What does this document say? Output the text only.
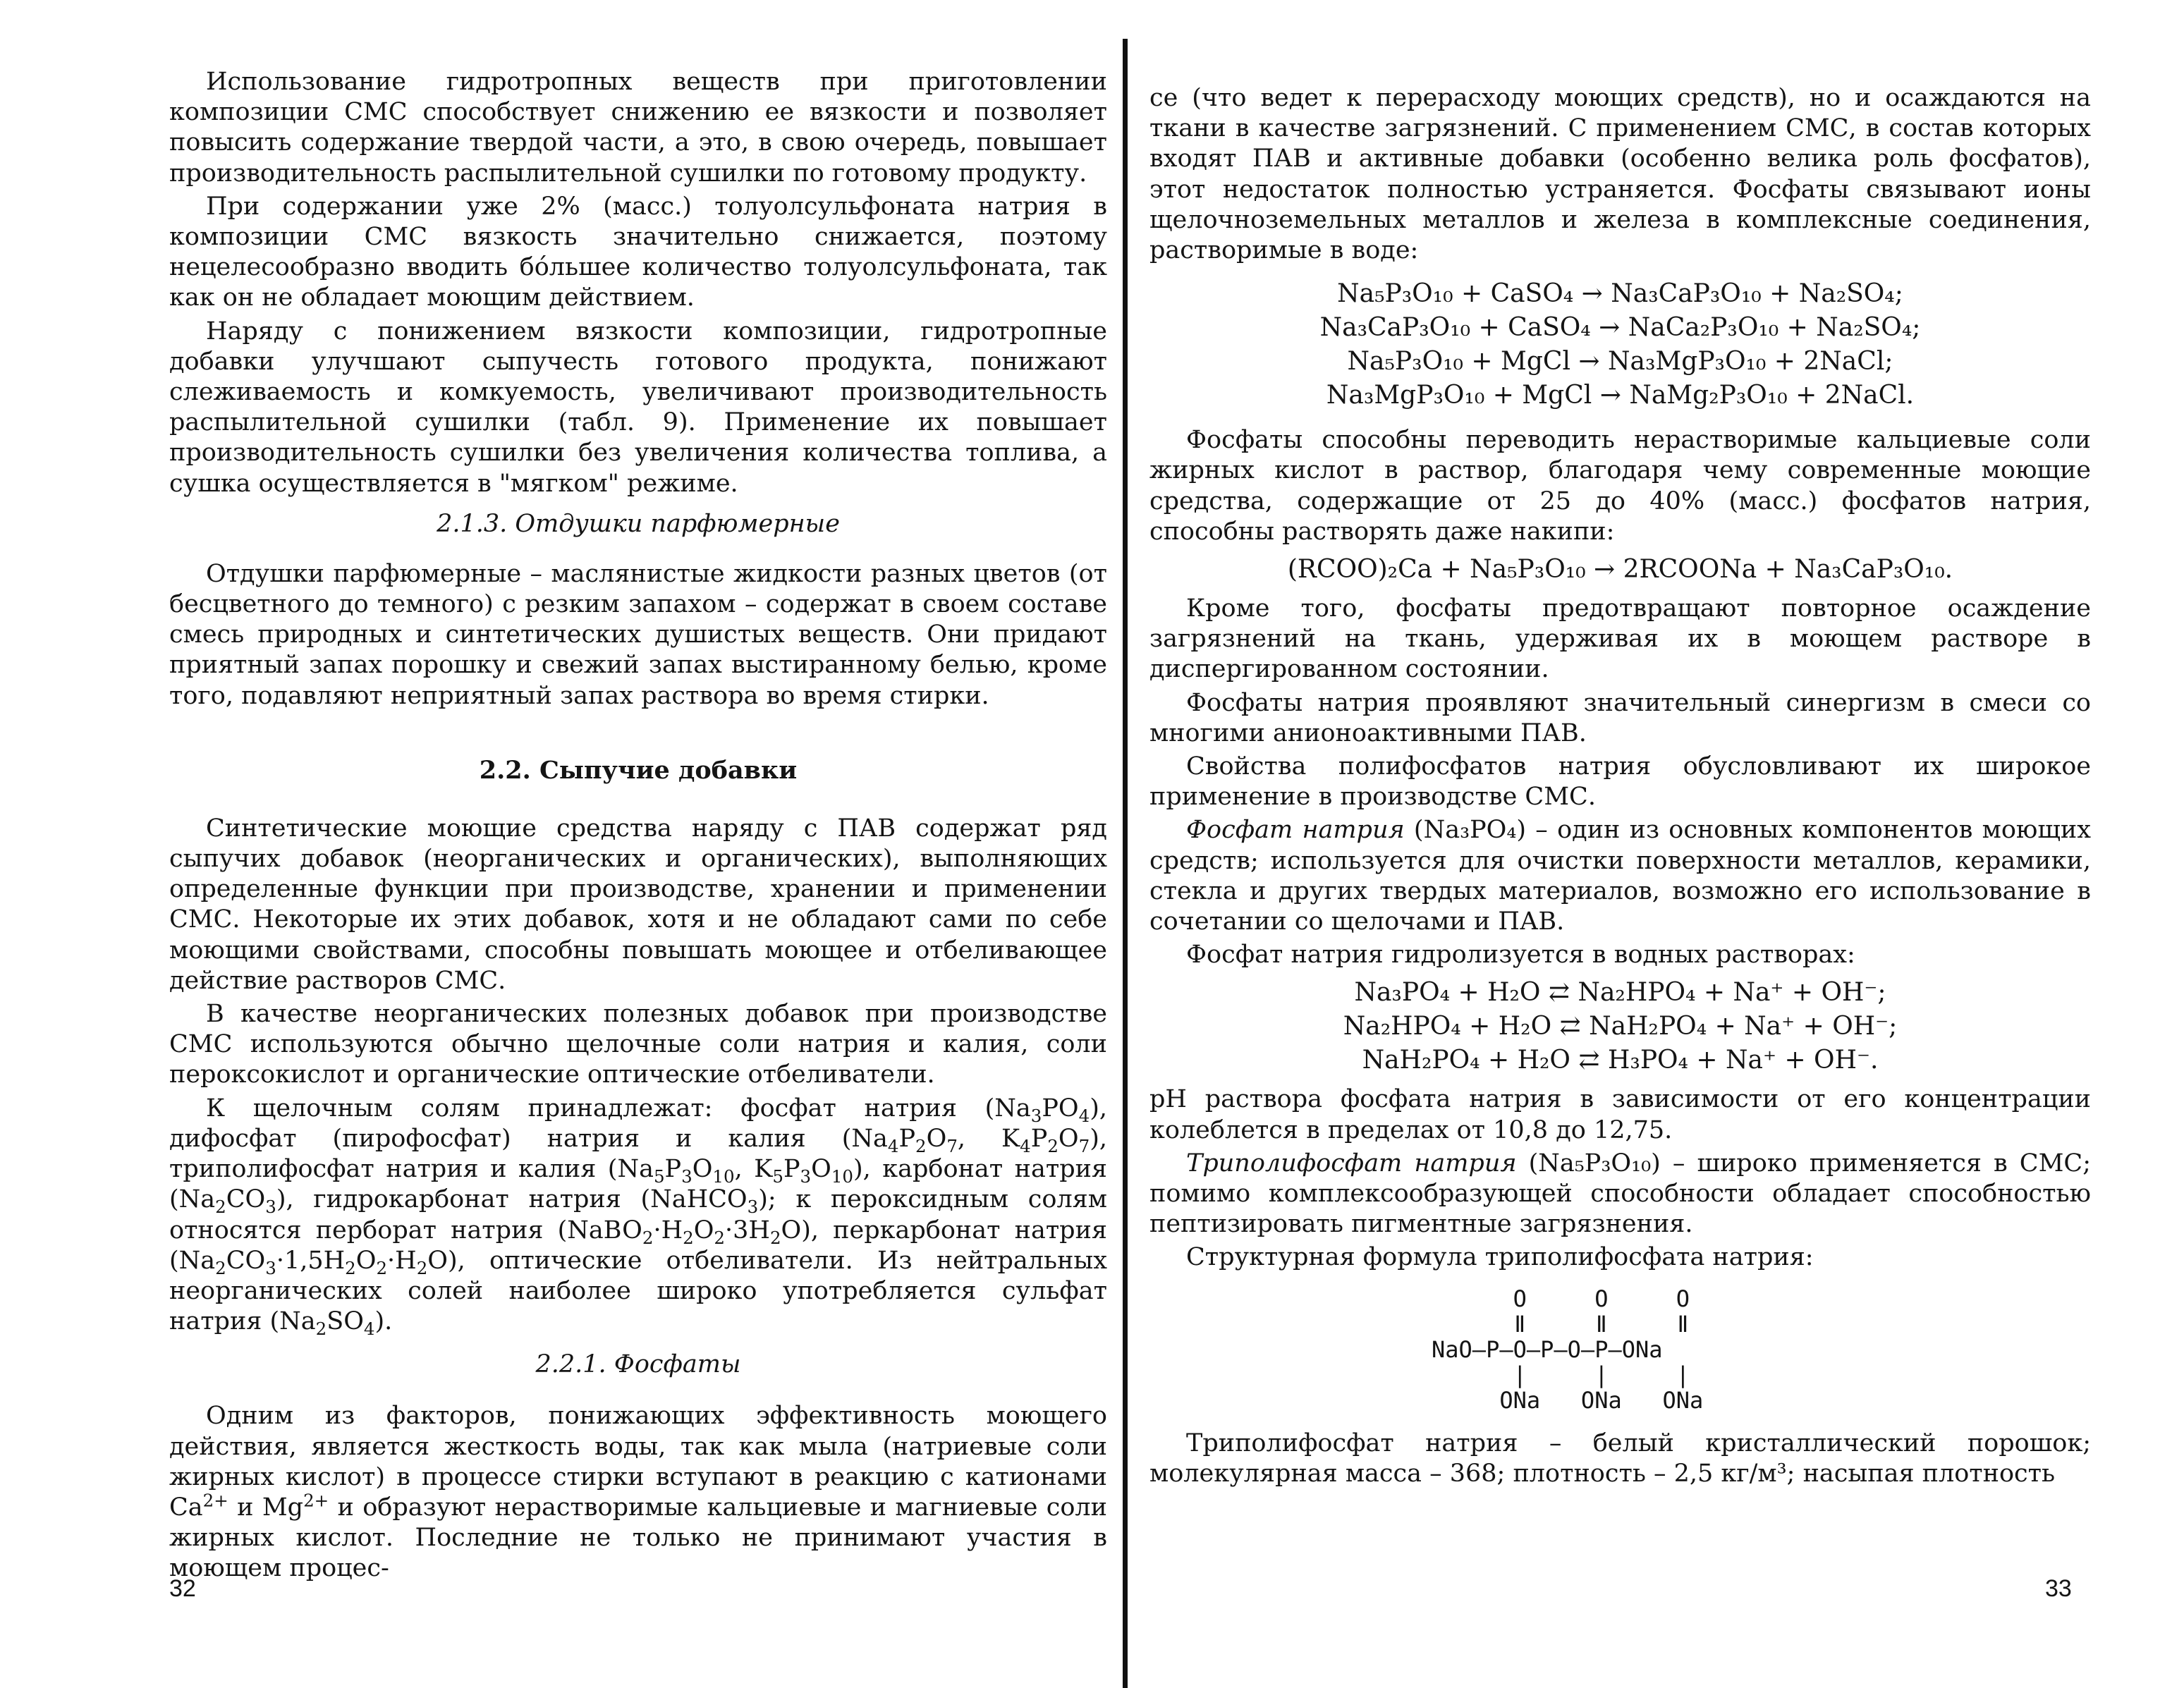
Использование гидротропных веществ при приготовлении композиции СМС способствует снижению ее вязкости и позволяет повысить содержание твердой части, а это, в свою очередь, повышает производительность распылительной сушилки по готовому продукту.

При содержании уже 2% (масс.) толуолсульфоната натрия в композиции СМС вязкость значительно снижается, поэтому нецелесообразно вводить бо́льшее количество толуолсульфоната, так как он не обладает моющим действием.

Наряду с понижением вязкости композиции, гидротропные добавки улучшают сыпучесть готового продукта, понижают слеживаемость и комкуемость, увеличивают производительность распылительной сушилки (табл. 9). Применение их повышает производительность сушилки без увеличения количества топлива, а сушка осуществляется в "мягком" режиме.

2.1.3. Отдушки парфюмерные

Отдушки парфюмерные – маслянистые жидкости разных цветов (от бесцветного до темного) с резким запахом – содержат в своем составе смесь природных и синтетических душистых веществ. Они придают приятный запах порошку и свежий запах выстиранному белью, кроме того, подавляют неприятный запах раствора во время стирки.

2.2. Сыпучие добавки

Синтетические моющие средства наряду с ПАВ содержат ряд сыпучих добавок (неорганических и органических), выполняющих определенные функции при производстве, хранении и применении СМС. Некоторые их этих добавок, хотя и не обладают сами по себе моющими свойствами, способны повышать моющее и отбеливающее действие растворов СМС.

В качестве неорганических полезных добавок при производстве СМС используются обычно щелочные соли натрия и калия, соли пероксокислот и органические оптические отбеливатели.

К щелочным солям принадлежат: фосфат натрия $(Na_3PO_4)$, дифосфат (пирофосфат) натрия и калия ($Na_4P_2O_7$, $K_4P_2O_7$), триполифосфат натрия и калия ($Na_5P_3O_{10}$, $K_5P_3O_{10}$), карбонат натрия $(Na_2CO_3)$, гидрокарбонат натрия (NaHCO$_3$); к пероксидным солям относятся перборат натрия $(NaBO_2\cdot H_2O_2\cdot 3H_2O)$, перкарбонат натрия $(Na_2CO_3\cdot 1,5H_2O_2\cdot H_2O)$, оптические отбеливатели. Из нейтральных неорганических солей наиболее широко употребляется сульфат натрия $(Na_2SO_4)$.

2.2.1. Фосфаты

Одним из факторов, понижающих эффективность моющего действия, является жесткость воды, так как мыла (натриевые соли жирных кислот) в процессе стирки вступают в реакцию с катионами $Ca^{2+}$ и $Mg^{2+}$ и образуют нерастворимые кальциевые и магниевые соли жирных кислот. Последние не только не принимают участия в моющем процес-

32

се (что ведет к перерасходу моющих средств), но и осаждаются на ткани в качестве загрязнений. С применением СМС, в состав которых входят ПАВ и активные добавки (особенно велика роль фосфатов), этот недостаток полностью устраняется. Фосфаты связывают ионы щелочноземельных металлов и железа в комплексные соединения, растворимые в воде:

Na₅P₃O₁₀ + CaSO₄ → Na₃CaP₃O₁₀ + Na₂SO₄;
Na₃CaP₃O₁₀ + CaSO₄ → NaCa₂P₃O₁₀ + Na₂SO₄;
Na₅P₃O₁₀ + MgCl → Na₃MgP₃O₁₀ + 2NaCl;
Na₃MgP₃O₁₀ + MgCl → NaMg₂P₃O₁₀ + 2NaCl.

Фосфаты способны переводить нерастворимые кальциевые соли жирных кислот в раствор, благодаря чему современные моющие средства, содержащие от 25 до 40% (масс.) фосфатов натрия, способны растворять даже накипи:

(RCOO)₂Ca + Na₅P₃O₁₀ → 2RCOONa + Na₃CaP₃O₁₀.

Кроме того, фосфаты предотвращают повторное осаждение загрязнений на ткань, удерживая их в моющем растворе в диспергированном состоянии.

Фосфаты натрия проявляют значительный синергизм в смеси со многими анионоактивными ПАВ.

Свойства полифосфатов натрия обусловливают их широкое применение в производстве СМС.

Фосфат натрия (Na₃PO₄) – один из основных компонентов моющих средств; используется для очистки поверхности металлов, керамики, стекла и других твердых материалов, возможно его использование в сочетании со щелочами и ПАВ.

Фосфат натрия гидролизуется в водных растворах:

Na₃PO₄ + H₂O ⇄ Na₂HPO₄ + Na⁺ + OH⁻;
Na₂HPO₄ + H₂O ⇄ NaH₂PO₄ + Na⁺ + OH⁻;
NaH₂PO₄ + H₂O ⇄ H₃PO₄ + Na⁺ + OH⁻.

pH раствора фосфата натрия в зависимости от его концентрации колеблется в пределах от 10,8 до 12,75.

Триполифосфат натрия (Na₅P₃O₁₀) – широко применяется в СМС; помимо комплексообразующей способности обладает способностью пептизировать пигментные загрязнения.

Структурная формула триполифосфата натрия:

O     O     O
ǁ     ǁ     ǁ
NaO–P–O–P–O–P–ONa
|     |     |
ONa   ONa   ONa

Триполифосфат натрия – белый кристаллический порошок; молекулярная масса – 368; плотность – 2,5 кг/м³; насыпая плотность

33
